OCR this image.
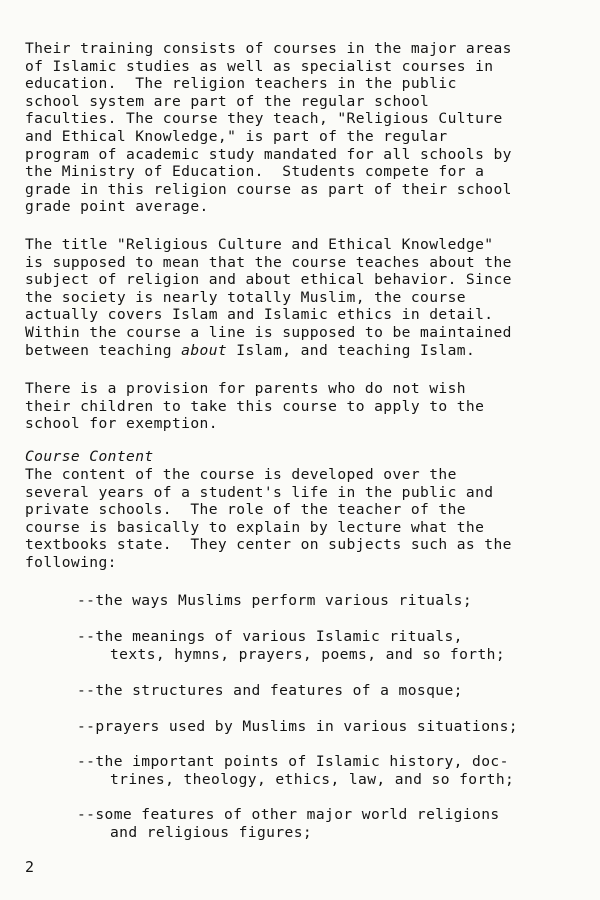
Their training consists of courses in the major areas
of Islamic studies as well as specialist courses in
education.  The religion teachers in the public
school system are part of the regular school
faculties. The course they teach, "Religious Culture
and Ethical Knowledge," is part of the regular
program of academic study mandated for all schools by
the Ministry of Education.  Students compete for a
grade in this religion course as part of their school
grade point average.
The title "Religious Culture and Ethical Knowledge"
is supposed to mean that the course teaches about the
subject of religion and about ethical behavior. Since
the society is nearly totally Muslim, the course
actually covers Islam and Islamic ethics in detail.
Within the course a line is supposed to be maintained
between teaching about Islam, and teaching Islam.
There is a provision for parents who do not wish
their children to take this course to apply to the
school for exemption.
Course Content
The content of the course is developed over the
several years of a student's life in the public and
private schools.  The role of the teacher of the
course is basically to explain by lecture what the
textbooks state.  They center on subjects such as the
following:
--the ways Muslims perform various rituals;
--the meanings of various Islamic rituals,
texts, hymns, prayers, poems, and so forth;
--the structures and features of a mosque;
--prayers used by Muslims in various situations;
--the important points of Islamic history, doc-
trines, theology, ethics, law, and so forth;
--some features of other major world religions
and religious figures;
2
